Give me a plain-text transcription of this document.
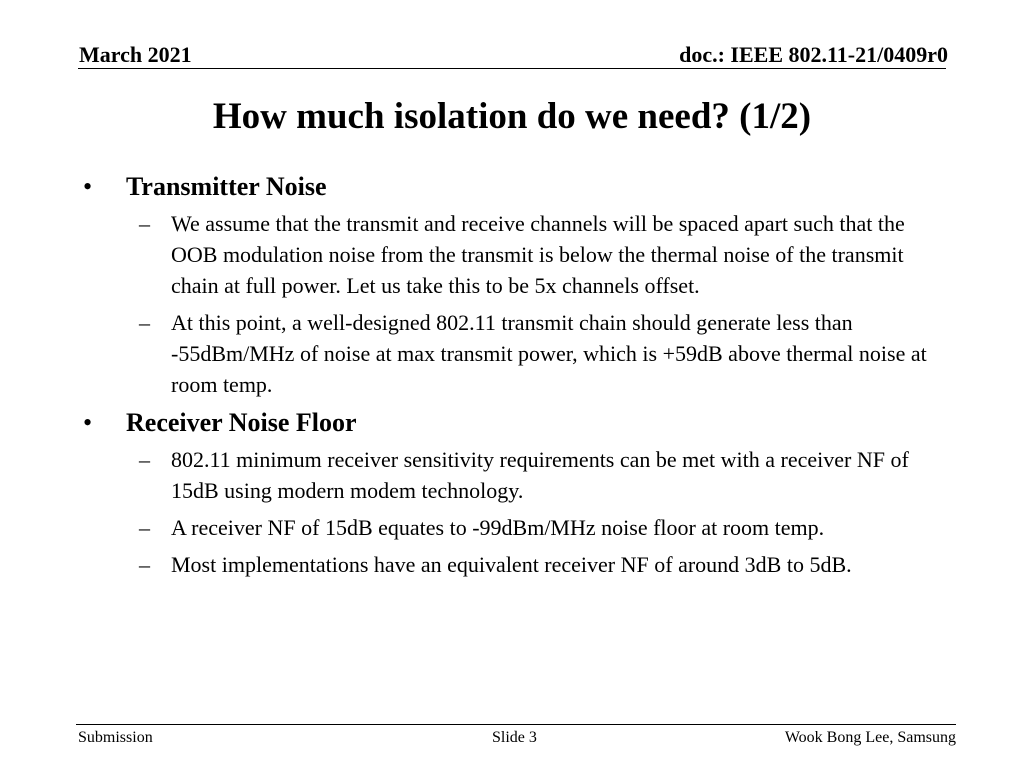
March 2021	doc.: IEEE 802.11-21/0409r0
How much isolation do we need? (1/2)
• Transmitter Noise
– We assume that the transmit and receive channels will be spaced apart such that the OOB modulation noise from the transmit is below the thermal noise of the transmit chain at full power. Let us take this to be 5x channels offset.
– At this point, a well-designed 802.11 transmit chain should generate less than -55dBm/MHz of noise at max transmit power, which is +59dB above thermal noise at room temp.
• Receiver Noise Floor
– 802.11 minimum receiver sensitivity requirements can be met with a receiver NF of 15dB using modern modem technology.
– A receiver NF of 15dB equates to -99dBm/MHz noise floor at room temp.
– Most implementations have an equivalent receiver NF of around 3dB to 5dB.
Submission	Slide 3	Wook Bong Lee, Samsung
